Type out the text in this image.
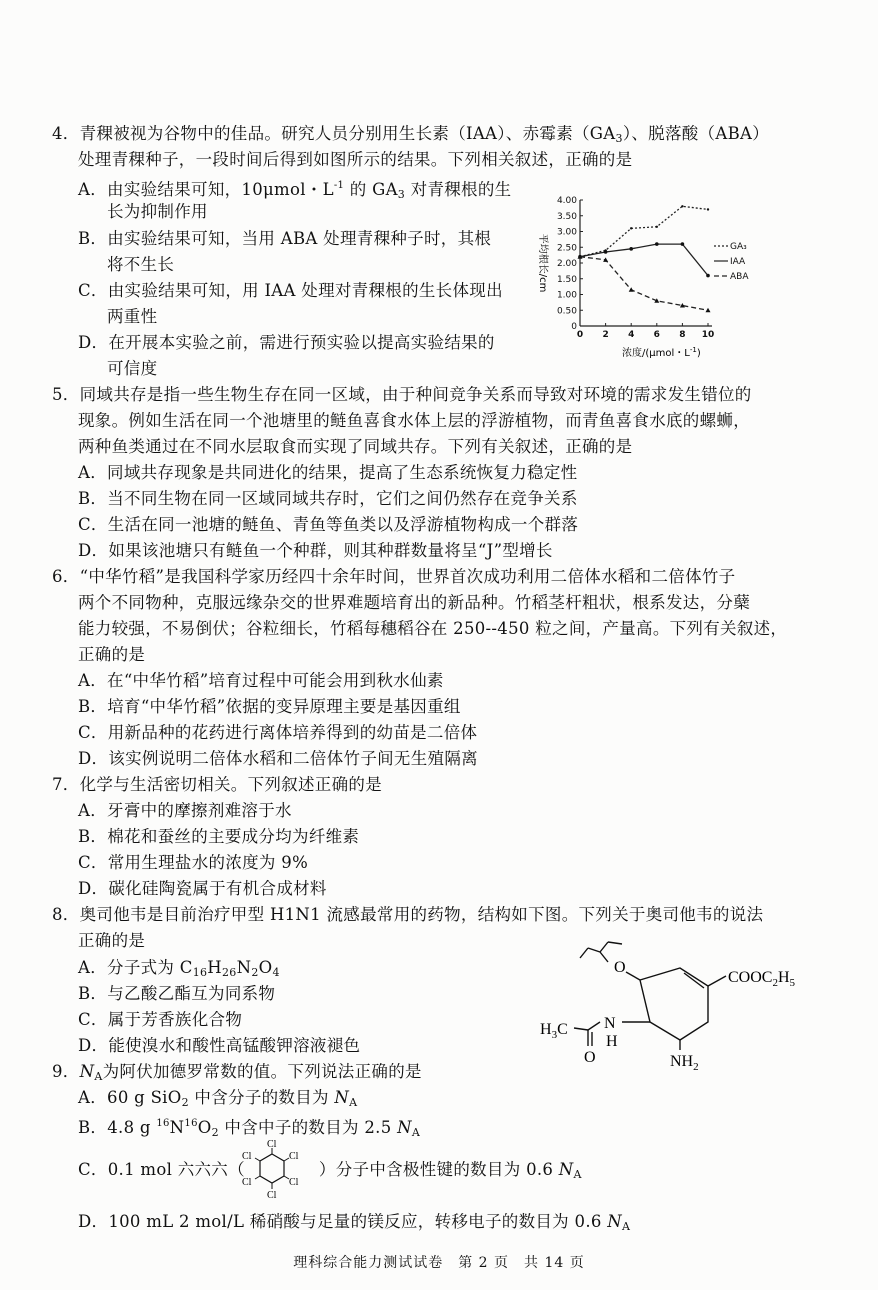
4．青稞被视为谷物中的佳品。研究人员分别用生长素（IAA）、赤霉素$(GA_3)$、脱落酸（ABA）
处理青稞种子，一段时间后得到如图所示的结果。下列相关叙述，正确的是
A．由实验结果可知，10μmol・$L^{-1}$ 的 $GA_3$ 对青稞根的生
长为抑制作用
B．由实验结果可知，当用 ABA 处理青稞种子时，其根
将不生长
C．由实验结果可知，用 IAA 处理对青稞根的生长体现出
两重性
D．在开展本实验之前，需进行预实验以提高实验结果的
可信度
0
0.50
1.00
1.50
2.00
2.50
3.00
3.50
4.00
0 2 4 6 8 10
GA₃
IAA
ABA
平均根长/cm
浓度/(μmol・$L^{-1}$)
5．同域共存是指一些生物生存在同一区域，由于种间竞争关系而导致对环境的需求发生错位的
现象。例如生活在同一个池塘里的鲢鱼喜食水体上层的浮游植物，而青鱼喜食水底的螺蛳，
两种鱼类通过在不同水层取食而实现了同域共存。下列有关叙述，正确的是
A．同域共存现象是共同进化的结果，提高了生态系统恢复力稳定性
B．当不同生物在同一区域同域共存时，它们之间仍然存在竞争关系
C．生活在同一池塘的鲢鱼、青鱼等鱼类以及浮游植物构成一个群落
D．如果该池塘只有鲢鱼一个种群，则其种群数量将呈“J”型增长
6．“中华竹稻”是我国科学家历经四十余年时间，世界首次成功利用二倍体水稻和二倍体竹子
两个不同物种，克服远缘杂交的世界难题培育出的新品种。竹稻茎杆粗状，根系发达，分蘖
能力较强，不易倒伏；谷粒细长，竹稻每穗稻谷在 250--450 粒之间，产量高。下列有关叙述，
正确的是
A．在“中华竹稻”培育过程中可能会用到秋水仙素
B．培育“中华竹稻”依据的变异原理主要是基因重组
C．用新品种的花药进行离体培养得到的幼苗是二倍体
D．该实例说明二倍体水稻和二倍体竹子间无生殖隔离
7．化学与生活密切相关。下列叙述正确的是
A．牙膏中的摩擦剂难溶于水
B．棉花和蚕丝的主要成分均为纤维素
C．常用生理盐水的浓度为 9%
D．碳化硅陶瓷属于有机合成材料
8．奥司他韦是目前治疗甲型 H1N1 流感最常用的药物，结构如下图。下列关于奥司他韦的说法
正确的是
A．分子式为 $C_{16}H_{26}N_2O_4$
B．与乙酸乙酯互为同系物
C．属于芳香族化合物
D．能使溴水和酸性高锰酸钾溶液褪色
O
$COOC_2H_5$
$H_3C$ N
H
O	$NH_2$
9．$N_A$为阿伏加德罗常数的值。下列说法正确的是
A．60 g SiO$_2$ 中含分子的数目为 $N_A$
B．4.8 g $^{16}N^{16}O_2$ 中含中子的数目为 2.5 $N_A$
C．0.1 mol 六六六（	）分子中含极性键的数目为 0.6 $N_A$
Cl
Cl
Cl
Cl
Cl
Cl
D．100 mL 2 mol/L 稀硝酸与足量的镁反应，转移电子的数目为 0.6 $N_A$
理科综合能力测试试卷　第 2 页　共 14 页
